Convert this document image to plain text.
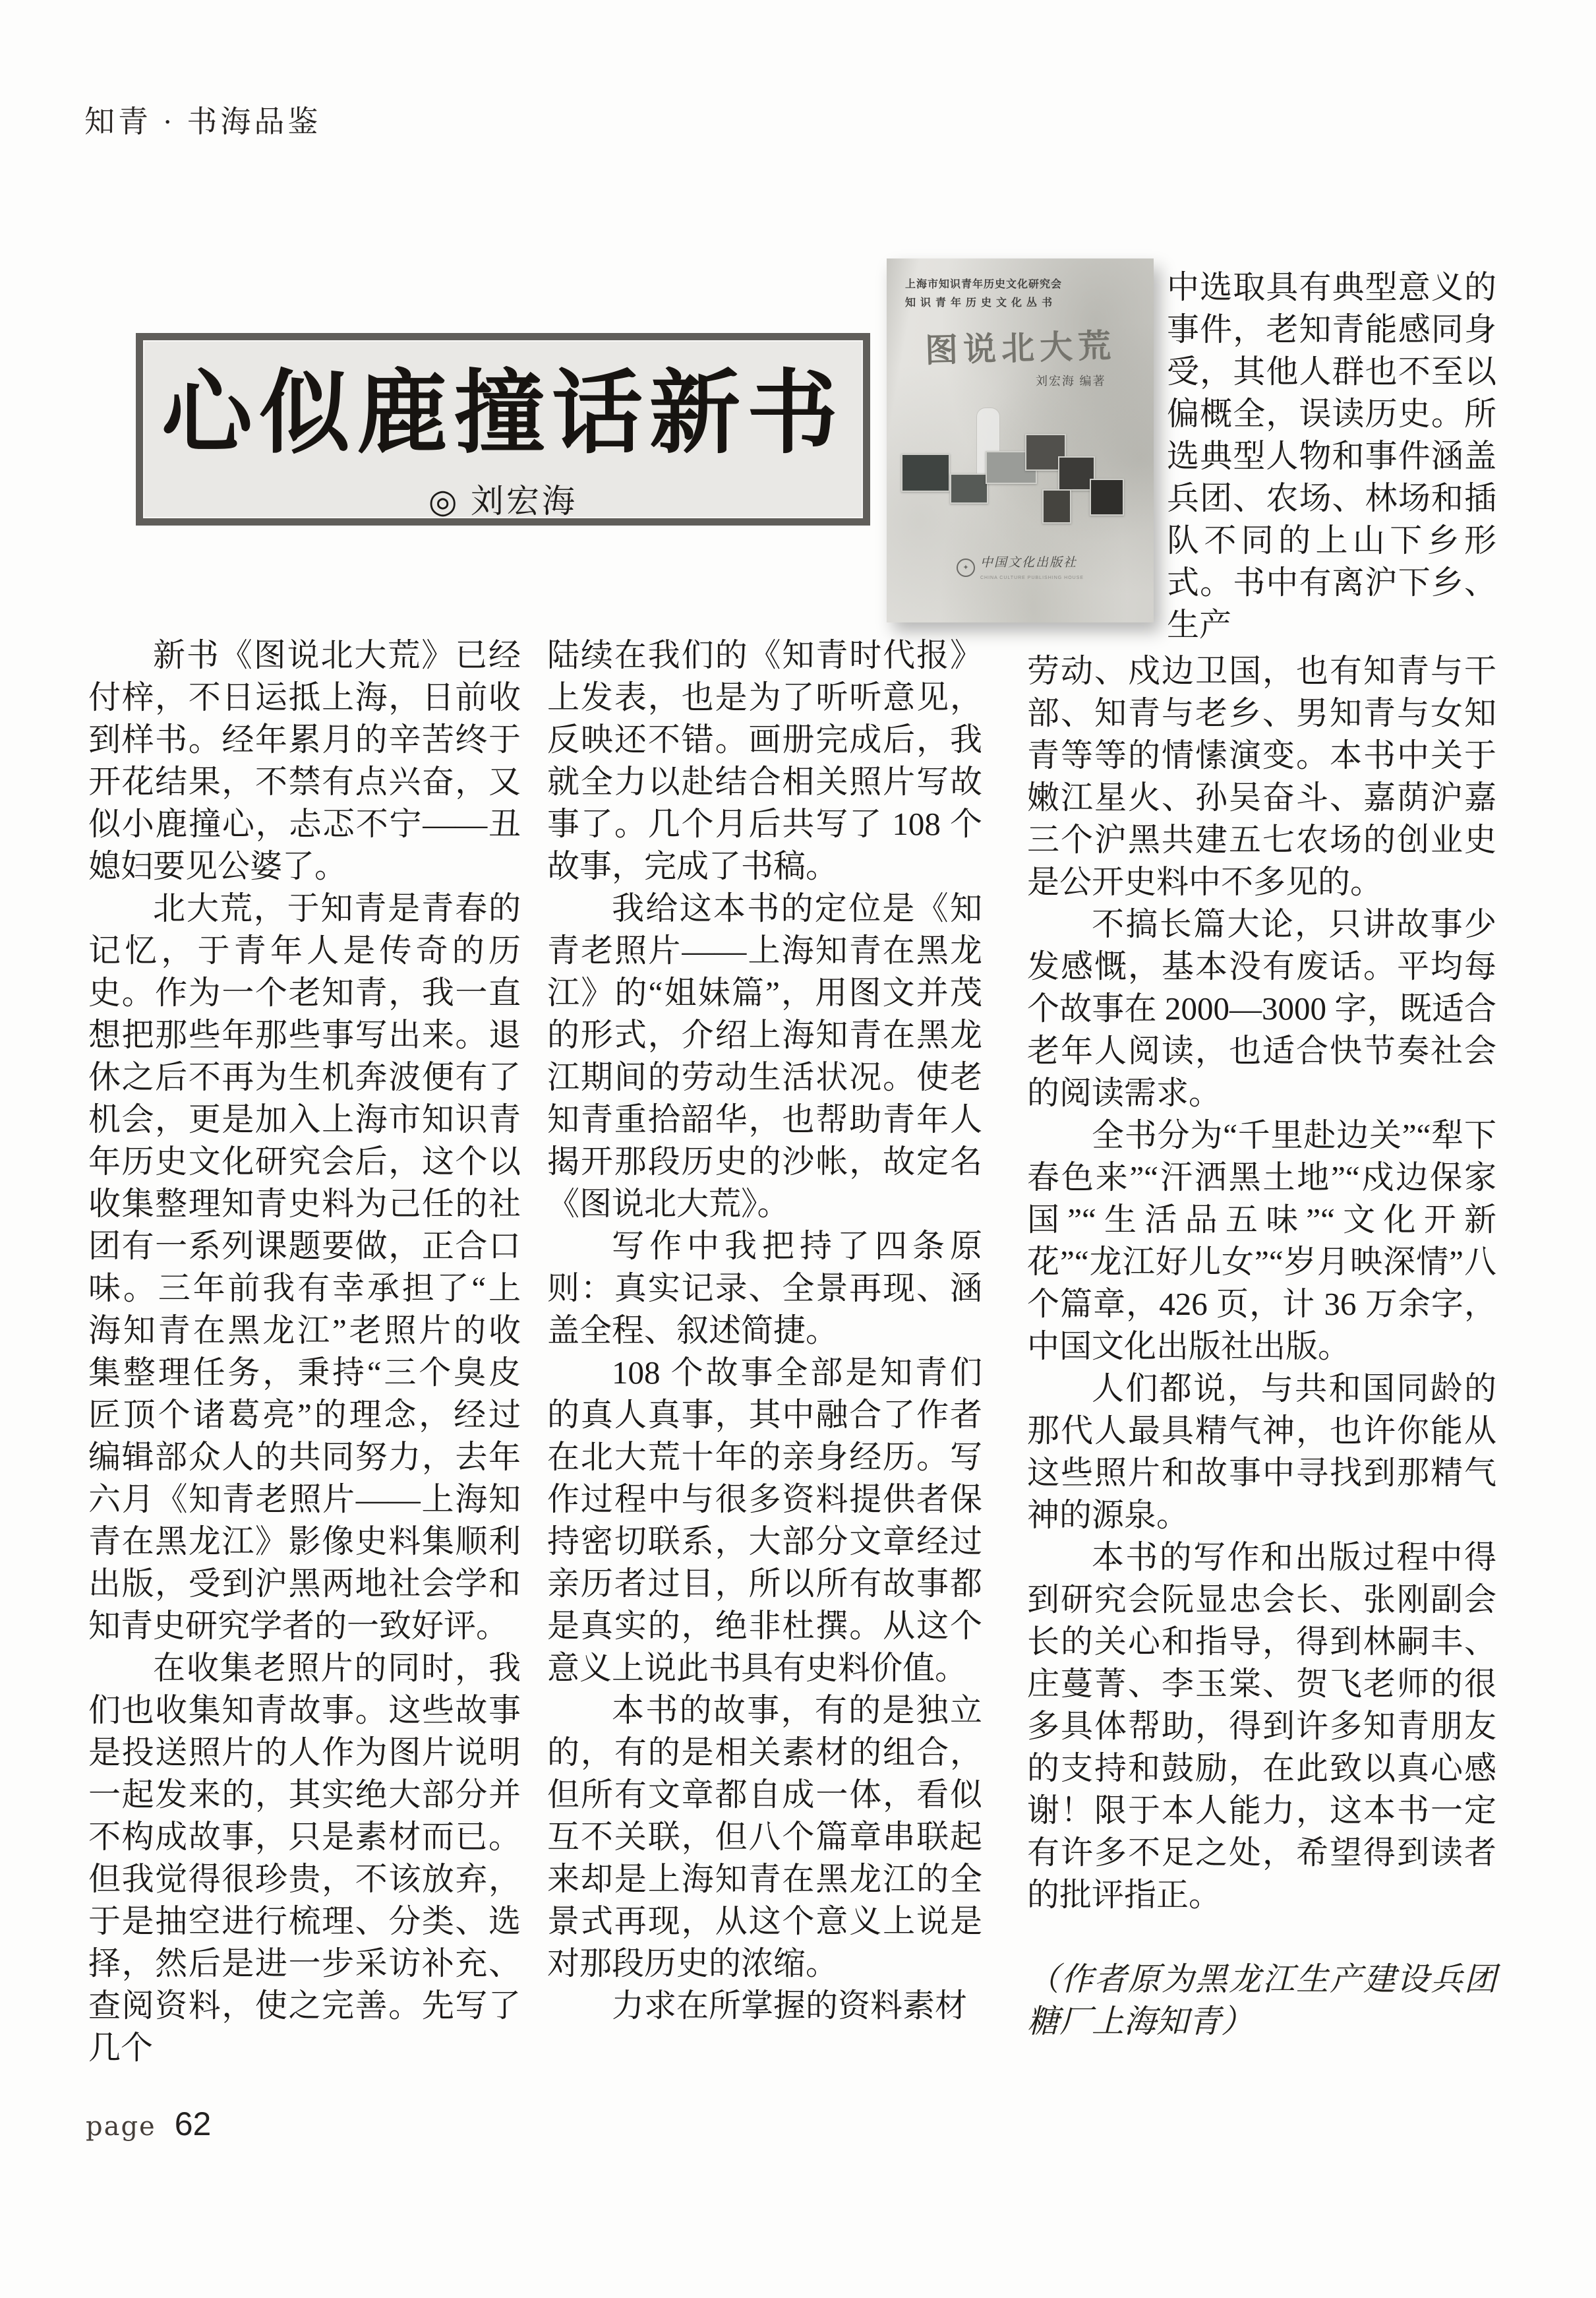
知青 · 书海品鉴
心似鹿撞话新书
◎ 刘宏海
上海市知识青年历史文化研究会
知识青年历史文化丛书
图说北大荒
刘宏海 编著
✦ 中国文化出版社
CHINA CULTURE PUBLISHING HOUSE

中选取具有典型意义的事件，老知青能感同身受，其他人群也不至以偏概全，误读历史。所选典型人物和事件涵盖兵团、农场、林场和插队不同的上山下乡形式。书中有离沪下乡、生产

新书《图说北大荒》已经付梓，不日运抵上海，日前收到样书。经年累月的辛苦终于开花结果，不禁有点兴奋，又似小鹿撞心，忐忑不宁——丑媳妇要见公婆了。

北大荒，于知青是青春的记忆，于青年人是传奇的历史。作为一个老知青，我一直想把那些年那些事写出来。退休之后不再为生机奔波便有了机会，更是加入上海市知识青年历史文化研究会后，这个以收集整理知青史料为己任的社团有一系列课题要做，正合口味。三年前我有幸承担了“上海知青在黑龙江”老照片的收集整理任务，秉持“三个臭皮匠顶个诸葛亮”的理念，经过编辑部众人的共同努力，去年六月《知青老照片——上海知青在黑龙江》影像史料集顺利出版，受到沪黑两地社会学和知青史研究学者的一致好评。

在收集老照片的同时，我们也收集知青故事。这些故事是投送照片的人作为图片说明一起发来的，其实绝大部分并不构成故事，只是素材而已。但我觉得很珍贵，不该放弃，于是抽空进行梳理、分类、选择，然后是进一步采访补充、查阅资料，使之完善。先写了几个

陆续在我们的《知青时代报》上发表，也是为了听听意见，反映还不错。画册完成后，我就全力以赴结合相关照片写故事了。几个月后共写了 108 个故事，完成了书稿。

我给这本书的定位是《知青老照片——上海知青在黑龙江》的“姐妹篇”，用图文并茂的形式，介绍上海知青在黑龙江期间的劳动生活状况。使老知青重拾韶华，也帮助青年人揭开那段历史的沙帐，故定名《图说北大荒》。

写作中我把持了四条原则：真实记录、全景再现、涵盖全程、叙述简捷。

108 个故事全部是知青们的真人真事，其中融合了作者在北大荒十年的亲身经历。写作过程中与很多资料提供者保持密切联系，大部分文章经过亲历者过目，所以所有故事都是真实的，绝非杜撰。从这个意义上说此书具有史料价值。

本书的故事，有的是独立的，有的是相关素材的组合，但所有文章都自成一体，看似互不关联，但八个篇章串联起来却是上海知青在黑龙江的全景式再现，从这个意义上说是对那段历史的浓缩。

力求在所掌握的资料素材

劳动、戍边卫国，也有知青与干部、知青与老乡、男知青与女知青等等的情愫演变。本书中关于嫩江星火、孙吴奋斗、嘉荫沪嘉三个沪黑共建五七农场的创业史是公开史料中不多见的。

不搞长篇大论，只讲故事少发感慨，基本没有废话。平均每个故事在 2000—3000 字，既适合老年人阅读，也适合快节奏社会的阅读需求。

全书分为“千里赴边关”“犁下春色来”“汗洒黑土地”“戍边保家国”“生活品五味”“文化开新花”“龙江好儿女”“岁月映深情”八个篇章，426 页，计 36 万余字，中国文化出版社出版。

人们都说，与共和国同龄的那代人最具精气神，也许你能从这些照片和故事中寻找到那精气神的源泉。

本书的写作和出版过程中得到研究会阮显忠会长、张刚副会长的关心和指导，得到林嗣丰、庄蔓菁、李玉棠、贺飞老师的很多具体帮助，得到许多知青朋友的支持和鼓励，在此致以真心感谢！限于本人能力，这本书一定有许多不足之处，希望得到读者的批评指正。

（作者原为黑龙江生产建设兵团糖厂上海知青）

page 62
